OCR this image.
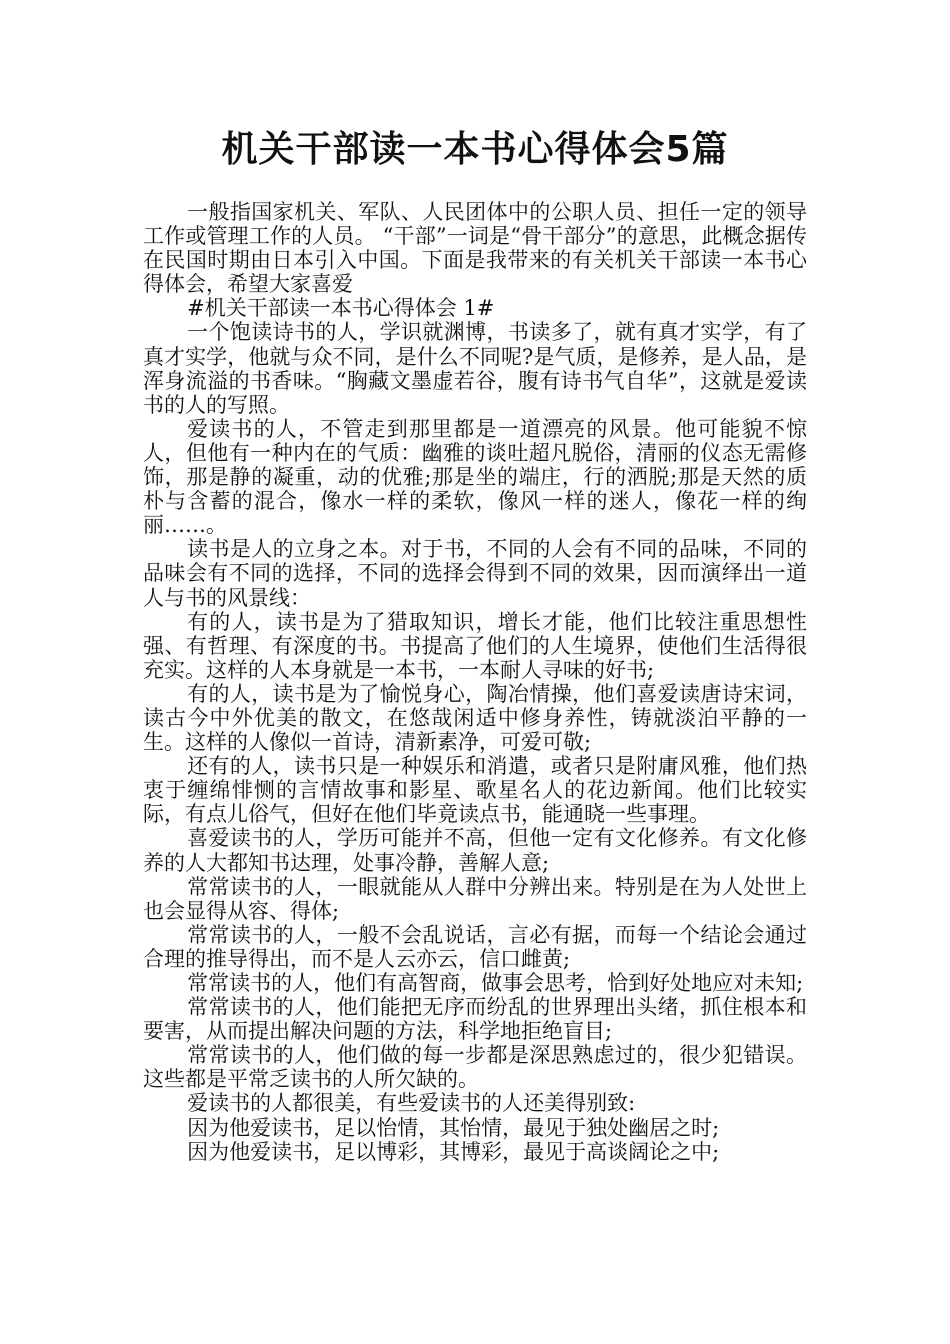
机关干部读一本书心得体会5篇

一般指国家机关、军队、人民团体中的公职人员、担任一定的领导工作或管理工作的人员。 “干部”一词是“骨干部分”的意思，此概念据传在民国时期由日本引入中国。下面是我带来的有关机关干部读一本书心得体会，希望大家喜爱

#机关干部读一本书心得体会 1#

一个饱读诗书的人，学识就渊博，书读多了，就有真才实学，有了真才实学，他就与众不同，是什么不同呢?是气质，是修养，是人品，是浑身流溢的书香味。“胸藏文墨虚若谷，腹有诗书气自华”，这就是爱读书的人的写照。

爱读书的人，不管走到那里都是一道漂亮的风景。他可能貌不惊人，但他有一种内在的气质：幽雅的谈吐超凡脱俗，清丽的仪态无需修饰，那是静的凝重，动的优雅;那是坐的端庄，行的洒脱;那是天然的质朴与含蓄的混合，像水一样的柔软，像风一样的迷人，像花一样的绚丽……。

读书是人的立身之本。对于书，不同的人会有不同的品味，不同的品味会有不同的选择，不同的选择会得到不同的效果，因而演绎出一道人与书的风景线：

有的人，读书是为了猎取知识，增长才能，他们比较注重思想性强、有哲理、有深度的书。书提高了他们的人生境界，使他们生活得很充实。这样的人本身就是一本书，一本耐人寻味的好书;

有的人，读书是为了愉悦身心，陶冶情操，他们喜爱读唐诗宋词，读古今中外优美的散文，在悠哉闲适中修身养性，铸就淡泊平静的一生。这样的人像似一首诗，清新素净，可爱可敬;

还有的人，读书只是一种娱乐和消遣，或者只是附庸风雅，他们热衷于缠绵悱恻的言情故事和影星、歌星名人的花边新闻。他们比较实际，有点儿俗气，但好在他们毕竟读点书，能通晓一些事理。

喜爱读书的人，学历可能并不高，但他一定有文化修养。有文化修养的人大都知书达理，处事冷静，善解人意;

常常读书的人，一眼就能从人群中分辨出来。特别是在为人处世上也会显得从容、得体;

常常读书的人，一般不会乱说话，言必有据，而每一个结论会通过合理的推导得出，而不是人云亦云，信口雌黄;

常常读书的人，他们有高智商，做事会思考，恰到好处地应对未知;

常常读书的人，他们能把无序而纷乱的世界理出头绪，抓住根本和要害，从而提出解决问题的方法，科学地拒绝盲目;

常常读书的人，他们做的每一步都是深思熟虑过的，很少犯错误。这些都是平常乏读书的人所欠缺的。

爱读书的人都很美，有些爱读书的人还美得别致:

因为他爱读书，足以怡情，其怡情，最见于独处幽居之时;

因为他爱读书，足以博彩，其博彩，最见于高谈阔论之中;
